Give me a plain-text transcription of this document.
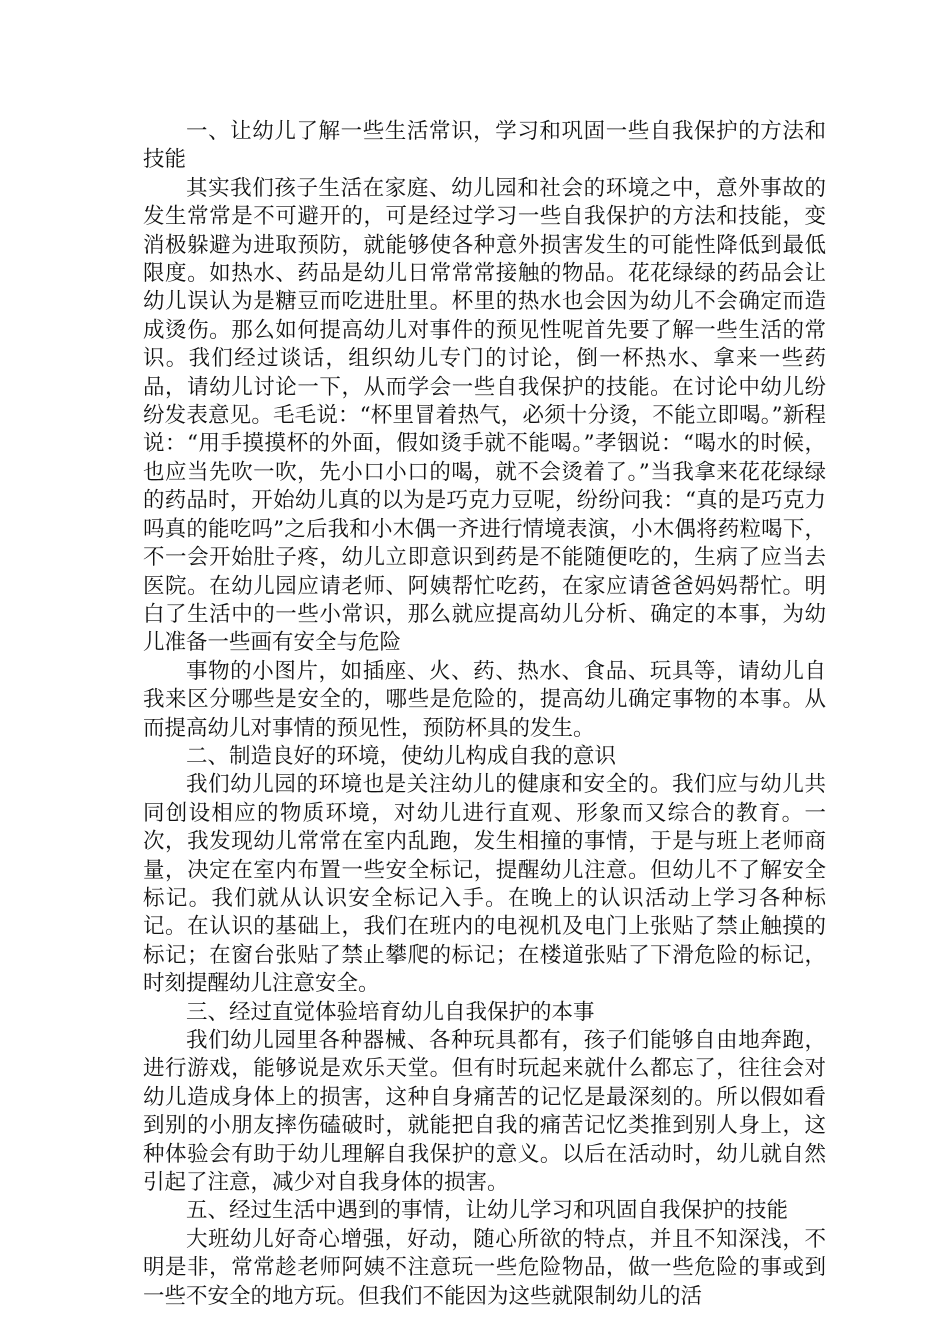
一、让幼儿了解一些生活常识，学习和巩固一些自我保护的方法和技能

其实我们孩子生活在家庭、幼儿园和社会的环境之中，意外事故的发生常常是不可避开的，可是经过学习一些自我保护的方法和技能，变消极躲避为进取预防，就能够使各种意外损害发生的可能性降低到最低限度。如热水、药品是幼儿日常常常接触的物品。花花绿绿的药品会让幼儿误认为是糖豆而吃进肚里。杯里的热水也会因为幼儿不会确定而造成烫伤。那么如何提高幼儿对事件的预见性呢首先要了解一些生活的常识。我们经过谈话，组织幼儿专门的讨论，倒一杯热水、拿来一些药品，请幼儿讨论一下，从而学会一些自我保护的技能。在讨论中幼儿纷纷发表意见。毛毛说：“杯里冒着热气，必须十分烫，不能立即喝。”新程说：“用手摸摸杯的外面，假如烫手就不能喝。”孝铟说：“喝水的时候，也应当先吹一吹，先小口小口的喝，就不会烫着了。”当我拿来花花绿绿的药品时，开始幼儿真的以为是巧克力豆呢，纷纷问我：“真的是巧克力吗真的能吃吗”之后我和小木偶一齐进行情境表演，小木偶将药粒喝下，不一会开始肚子疼，幼儿立即意识到药是不能随便吃的，生病了应当去医院。在幼儿园应请老师、阿姨帮忙吃药，在家应请爸爸妈妈帮忙。明白了生活中的一些小常识，那么就应提高幼儿分析、确定的本事，为幼儿准备一些画有安全与危险

事物的小图片，如插座、火、药、热水、食品、玩具等，请幼儿自我来区分哪些是安全的，哪些是危险的，提高幼儿确定事物的本事。从而提高幼儿对事情的预见性，预防杯具的发生。

二、制造良好的环境，使幼儿构成自我的意识

我们幼儿园的环境也是关注幼儿的健康和安全的。我们应与幼儿共同创设相应的物质环境，对幼儿进行直观、形象而又综合的教育。一次，我发现幼儿常常在室内乱跑，发生相撞的事情，于是与班上老师商量，决定在室内布置一些安全标记，提醒幼儿注意。但幼儿不了解安全标记。我们就从认识安全标记入手。在晚上的认识活动上学习各种标记。在认识的基础上，我们在班内的电视机及电门上张贴了禁止触摸的标记；在窗台张贴了禁止攀爬的标记；在楼道张贴了下滑危险的标记，时刻提醒幼儿注意安全。

三、经过直觉体验培育幼儿自我保护的本事

我们幼儿园里各种器械、各种玩具都有，孩子们能够自由地奔跑，进行游戏，能够说是欢乐天堂。但有时玩起来就什么都忘了，往往会对幼儿造成身体上的损害，这种自身痛苦的记忆是最深刻的。所以假如看到别的小朋友摔伤磕破时，就能把自我的痛苦记忆类推到别人身上，这种体验会有助于幼儿理解自我保护的意义。以后在活动时，幼儿就自然引起了注意，减少对自我身体的损害。

五、经过生活中遇到的事情，让幼儿学习和巩固自我保护的技能

大班幼儿好奇心增强，好动，随心所欲的特点，并且不知深浅，不明是非，常常趁老师阿姨不注意玩一些危险物品，做一些危险的事或到一些不安全的地方玩。但我们不能因为这些就限制幼儿的活
